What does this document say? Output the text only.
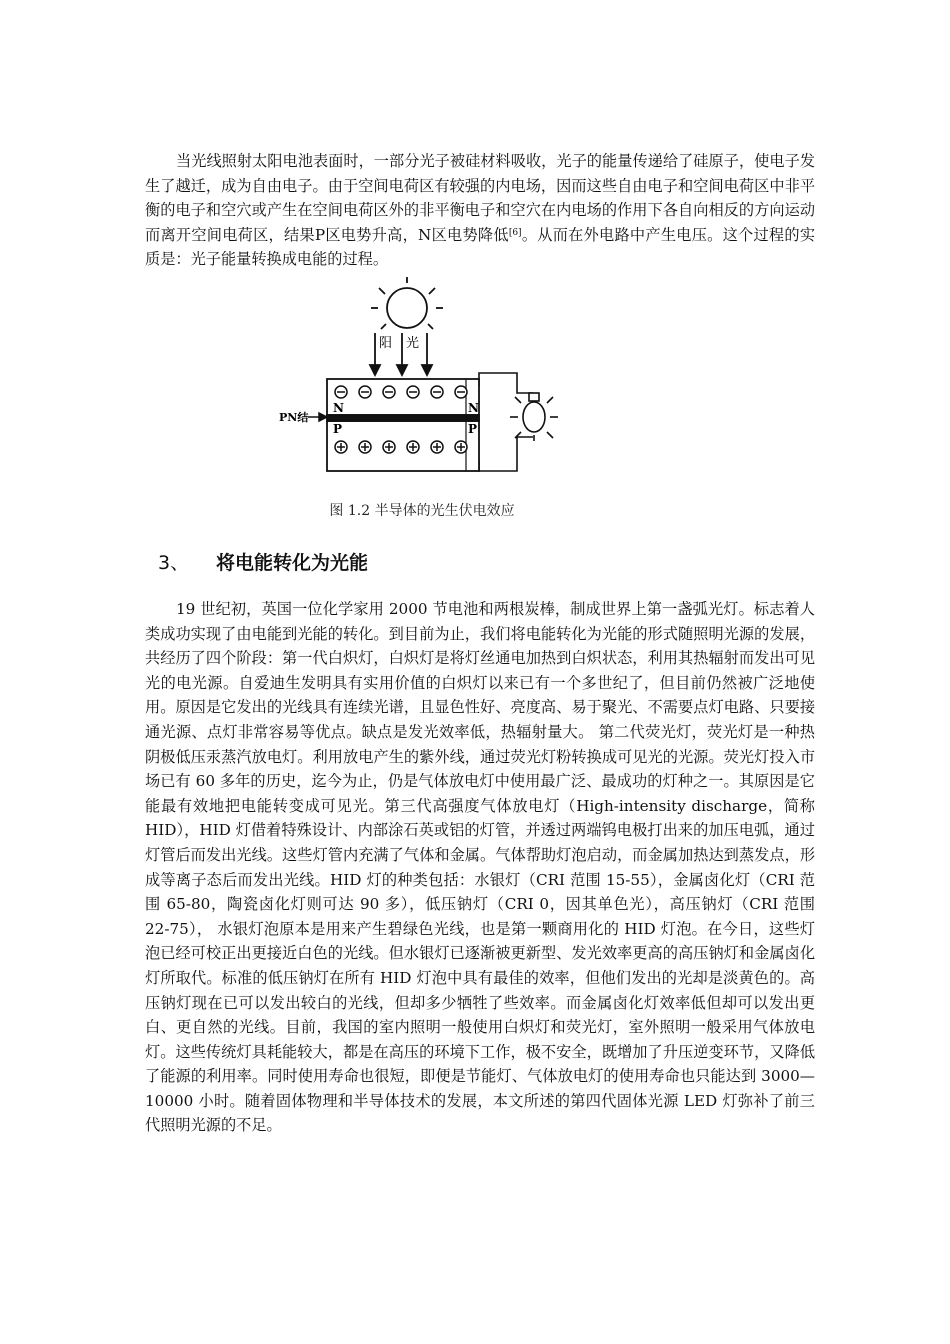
当光线照射太阳电池表面时，一部分光子被硅材料吸收，光子的能量传递给了硅原子，使电子发生了越迁，成为自由电子。由于空间电荷区有较强的内电场，因而这些自由电子和空间电荷区中非平衡的电子和空穴或产生在空间电荷区外的非平衡电子和空穴在内电场的作用下各自向相反的方向运动而离开空间电荷区，结果P区电势升高，N区电势降低[6]。从而在外电路中产生电压。这个过程的实质是：光子能量转换成电能的过程。

阳 光
N	N
P	P
PN结
图 1.2 半导体的光生伏电效应
3、 将电能转化为光能

19 世纪初，英国一位化学家用 2000 节电池和两根炭棒，制成世界上第一盏弧光灯。标志着人类成功实现了由电能到光能的转化。到目前为止，我们将电能转化为光能的形式随照明光源的发展，共经历了四个阶段：第一代白炽灯，白炽灯是将灯丝通电加热到白炽状态，利用其热辐射而发出可见光的电光源。自爱迪生发明具有实用价值的白炽灯以来已有一个多世纪了，但目前仍然被广泛地使用。原因是它发出的光线具有连续光谱，且显色性好、亮度高、易于聚光、不需要点灯电路、只要接通光源、点灯非常容易等优点。缺点是发光效率低，热辐射量大。 第二代荧光灯，荧光灯是一种热阴极低压汞蒸汽放电灯。利用放电产生的紫外线，通过荧光灯粉转换成可见光的光源。荧光灯投入市场已有 60 多年的历史，迄今为止，仍是气体放电灯中使用最广泛、最成功的灯种之一。其原因是它能最有效地把电能转变成可见光。第三代高强度气体放电灯（High-intensity discharge，简称 HID），HID 灯借着特殊设计、内部涂石英或铝的灯管，并透过两端钨电极打出来的加压电弧，通过灯管后而发出光线。这些灯管内充满了气体和金属。气体帮助灯泡启动，而金属加热达到蒸发点，形成等离子态后而发出光线。HID 灯的种类包括：水银灯（CRI 范围 15-55），金属卤化灯（CRI 范围 65-80，陶瓷卤化灯则可达 90 多），低压钠灯（CRI 0，因其单色光），高压钠灯（CRI 范围 22-75）， 水银灯泡原本是用来产生碧绿色光线，也是第一颗商用化的 HID 灯泡。在今日，这些灯泡已经可校正出更接近白色的光线。但水银灯已逐渐被更新型、发光效率更高的高压钠灯和金属卤化灯所取代。标准的低压钠灯在所有 HID 灯泡中具有最佳的效率，但他们发出的光却是淡黄色的。高压钠灯现在已可以发出较白的光线，但却多少牺牲了些效率。而金属卤化灯效率低但却可以发出更白、更自然的光线。目前，我国的室内照明一般使用白炽灯和荧光灯，室外照明一般采用气体放电灯。这些传统灯具耗能较大，都是在高压的环境下工作，极不安全，既增加了升压逆变环节，又降低了能源的利用率。同时使用寿命也很短，即便是节能灯、气体放电灯的使用寿命也只能达到 3000—10000 小时。随着固体物理和半导体技术的发展，本文所述的第四代固体光源 LED 灯弥补了前三代照明光源的不足。
